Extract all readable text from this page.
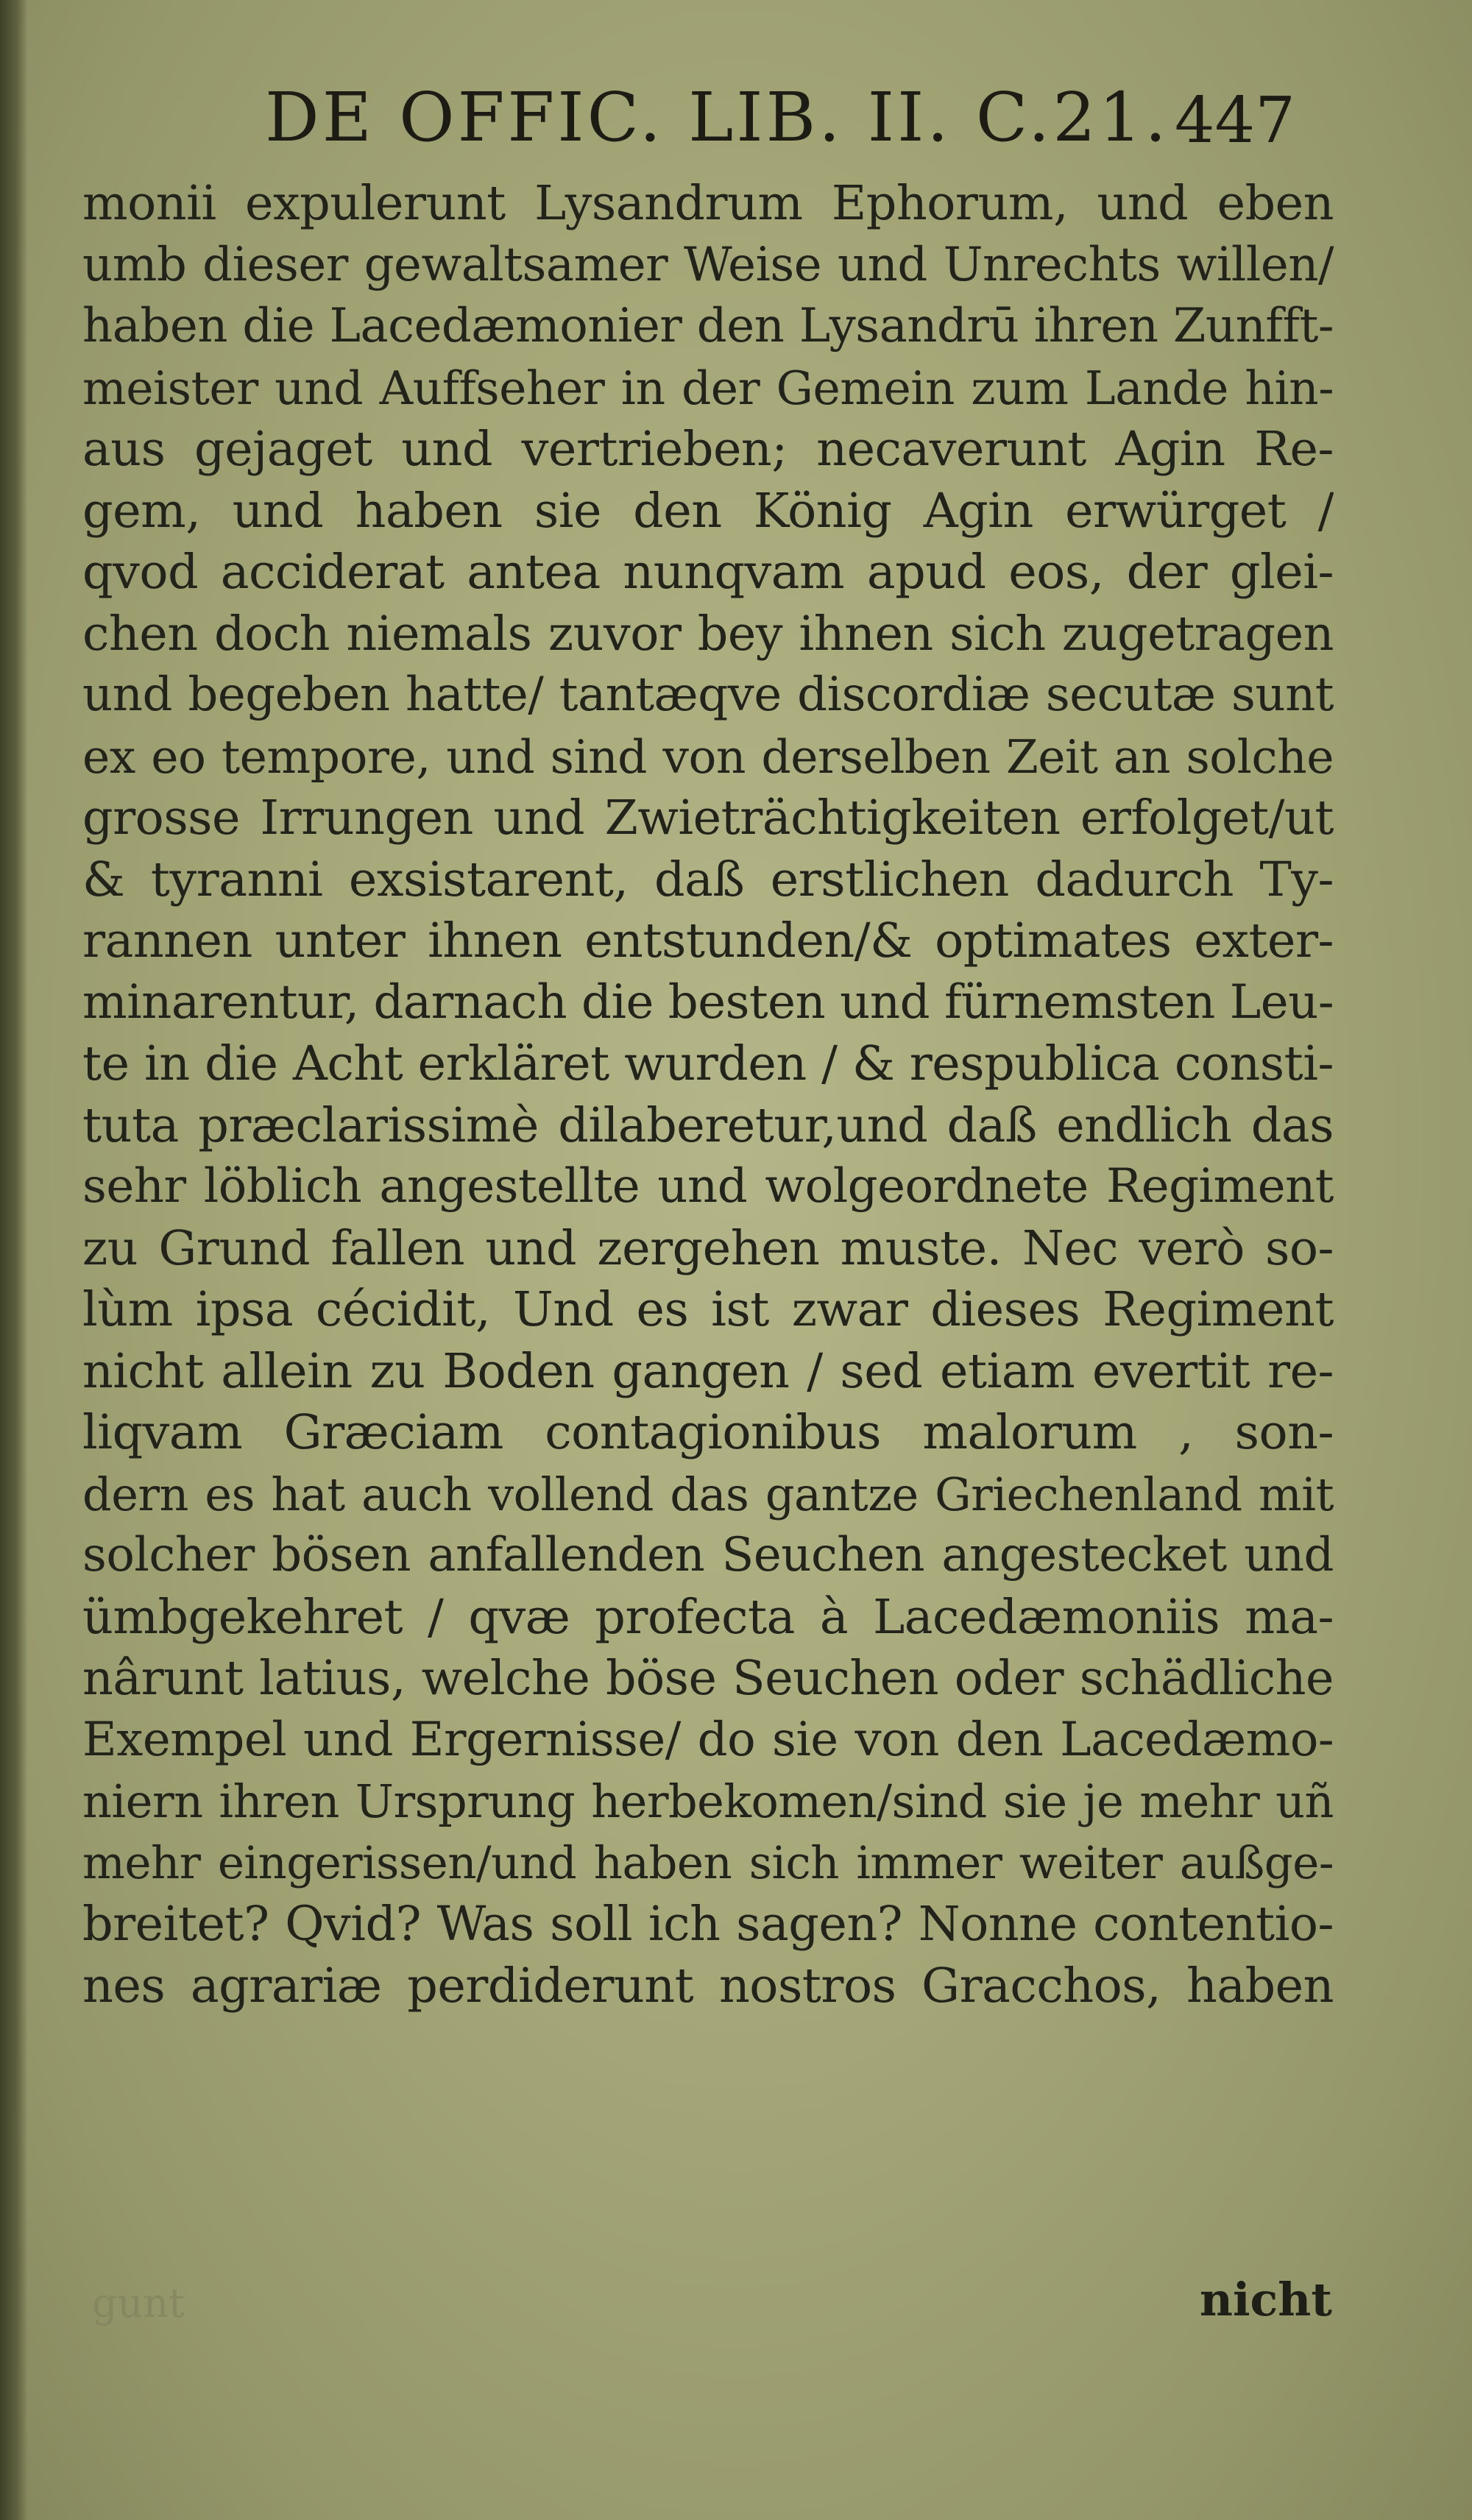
DE OFFIC. LIB. II. C.21. 447
monii expulerunt Lysandrum Ephorum, und eben
umb dieser gewaltsamer Weise und Unrechts willen/
haben die Lacedæmonier den Lysandrū ihren Zunfft-
meister und Auffseher in der Gemein zum Lande hin-
aus gejaget und vertrieben; necaverunt Agin Re-
gem, und haben sie den König Agin erwürget /
qvod acciderat antea nunqvam apud eos, der glei-
chen doch niemals zuvor bey ihnen sich zugetragen
und begeben hatte/ tantæqve discordiæ secutæ sunt
ex eo tempore, und sind von derselben Zeit an solche
grosse Irrungen und Zwieträchtigkeiten erfolget/ut
& tyranni exsistarent, daß erstlichen dadurch Ty-
rannen unter ihnen entstunden/& optimates exter-
minarentur, darnach die besten und fürnemsten Leu-
te in die Acht erkläret wurden / & respublica consti-
tuta præclarissimè dilaberetur,und daß endlich das
sehr löblich angestellte und wolgeordnete Regiment
zu Grund fallen und zergehen muste. Nec verò so-
lùm ipsa cécidit, Und es ist zwar dieses Regiment
nicht allein zu Boden gangen / sed etiam evertit re-
liqvam Græciam contagionibus malorum , son-
dern es hat auch vollend das gantze Griechenland mit
solcher bösen anfallenden Seuchen angestecket und
ümbgekehret / qvæ profecta à Lacedæmoniis ma-
nârunt latius, welche böse Seuchen oder schädliche
Exempel und Ergernisse/ do sie von den Lacedæmo-
niern ihren Ursprung herbekomen/sind sie je mehr uñ
mehr eingerissen/und haben sich immer weiter außge-
breitet? Qvid? Was soll ich sagen? Nonne contentio-
nes agrariæ perdiderunt nostros Gracchos, haben
gunt	nicht
